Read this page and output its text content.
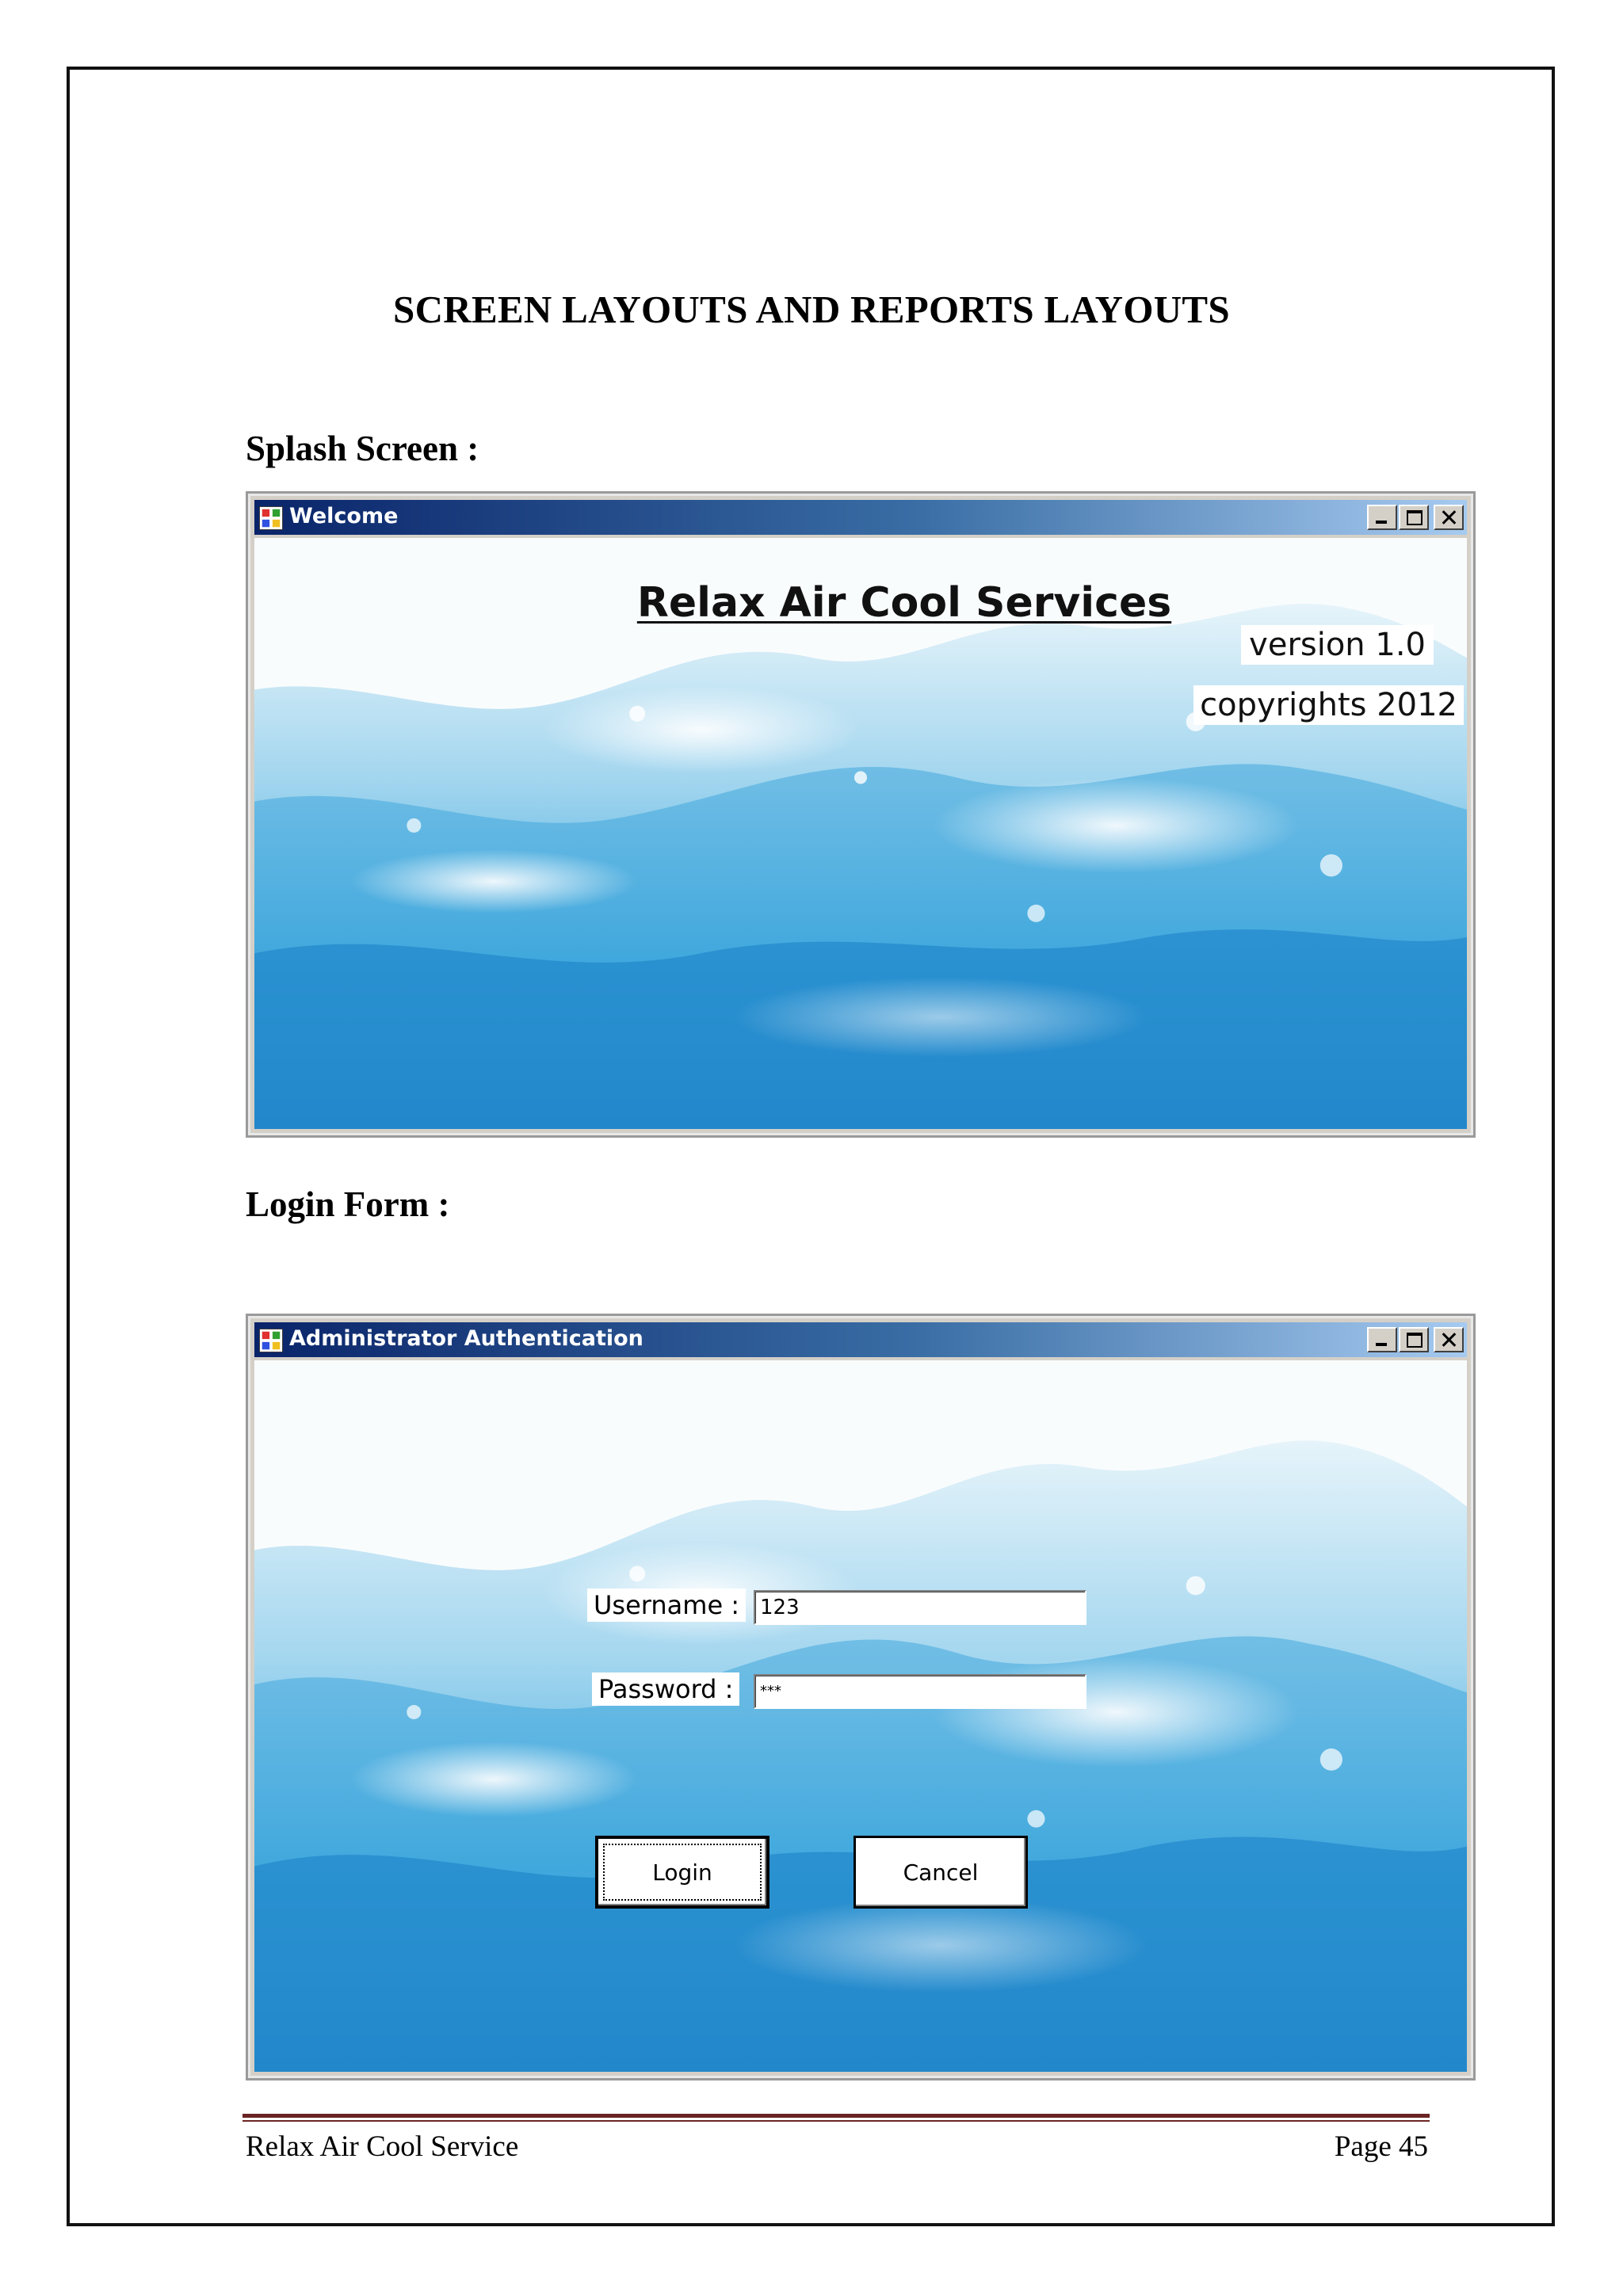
SCREEN LAYOUTS AND REPORTS LAYOUTS
Splash Screen :
Welcome
Relax Air Cool Services
version 1.0
copyrights 2012
Login Form :
Administrator Authentication
Username :
123
Password :
***
Login	Cancel
Relax Air Cool Service	Page 45
